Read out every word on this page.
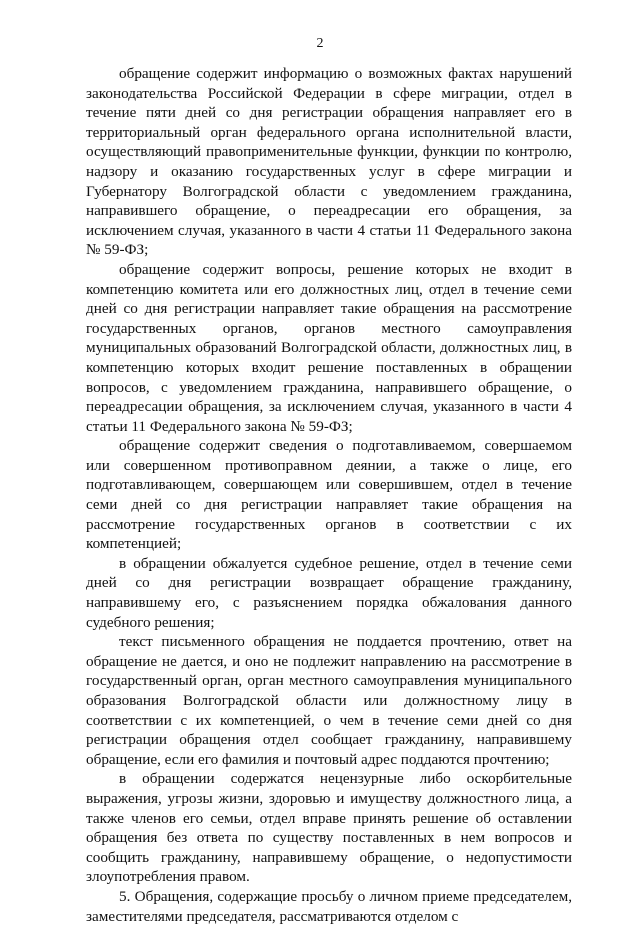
2

обращение содержит информацию о возможных фактах нарушений законодательства Российской Федерации в сфере миграции, отдел в течение пяти дней со дня регистрации обращения направляет его в территориальный орган федерального органа исполнительной власти, осуществляющий правоприменительные функции, функции по контролю, надзору и оказанию государственных услуг в сфере миграции и Губернатору Волгоградской области с уведомлением гражданина, направившего обращение, о переадресации его обращения, за исключением случая, указанного в части 4 статьи 11 Федерального закона № 59-ФЗ;

обращение содержит вопросы, решение которых не входит в компетенцию комитета или его должностных лиц, отдел в течение семи дней со дня регистрации направляет такие обращения на рассмотрение государственных органов, органов местного самоуправления муниципальных образований Волгоградской области, должностных лиц, в компетенцию которых входит решение поставленных в обращении вопросов, с уведомлением гражданина, направившего обращение, о переадресации обращения, за исключением случая, указанного в части 4 статьи 11 Федерального закона № 59-ФЗ;

обращение содержит сведения о подготавливаемом, совершаемом или совершенном противоправном деянии, а также о лице, его подготавливающем, совершающем или совершившем, отдел в течение семи дней со дня регистрации направляет такие обращения на рассмотрение государственных органов в соответствии с их компетенцией;

в обращении обжалуется судебное решение, отдел в течение семи дней со дня регистрации возвращает обращение гражданину, направившему его, с разъяснением порядка обжалования данного судебного решения;

текст письменного обращения не поддается прочтению, ответ на обращение не дается, и оно не подлежит направлению на рассмотрение в государственный орган, орган местного самоуправления муниципального образования Волгоградской области или должностному лицу в соответствии с их компетенцией, о чем в течение семи дней со дня регистрации обращения отдел сообщает гражданину, направившему обращение, если его фамилия и почтовый адрес поддаются прочтению;

в обращении содержатся нецензурные либо оскорбительные выражения, угрозы жизни, здоровью и имуществу должностного лица, а также членов его семьи, отдел вправе принять решение об оставлении обращения без ответа по существу поставленных в нем вопросов и сообщить гражданину, направившему обращение, о недопустимости злоупотребления правом.

5. Обращения, содержащие просьбу о личном приеме председателем, заместителями председателя, рассматриваются отделом с
